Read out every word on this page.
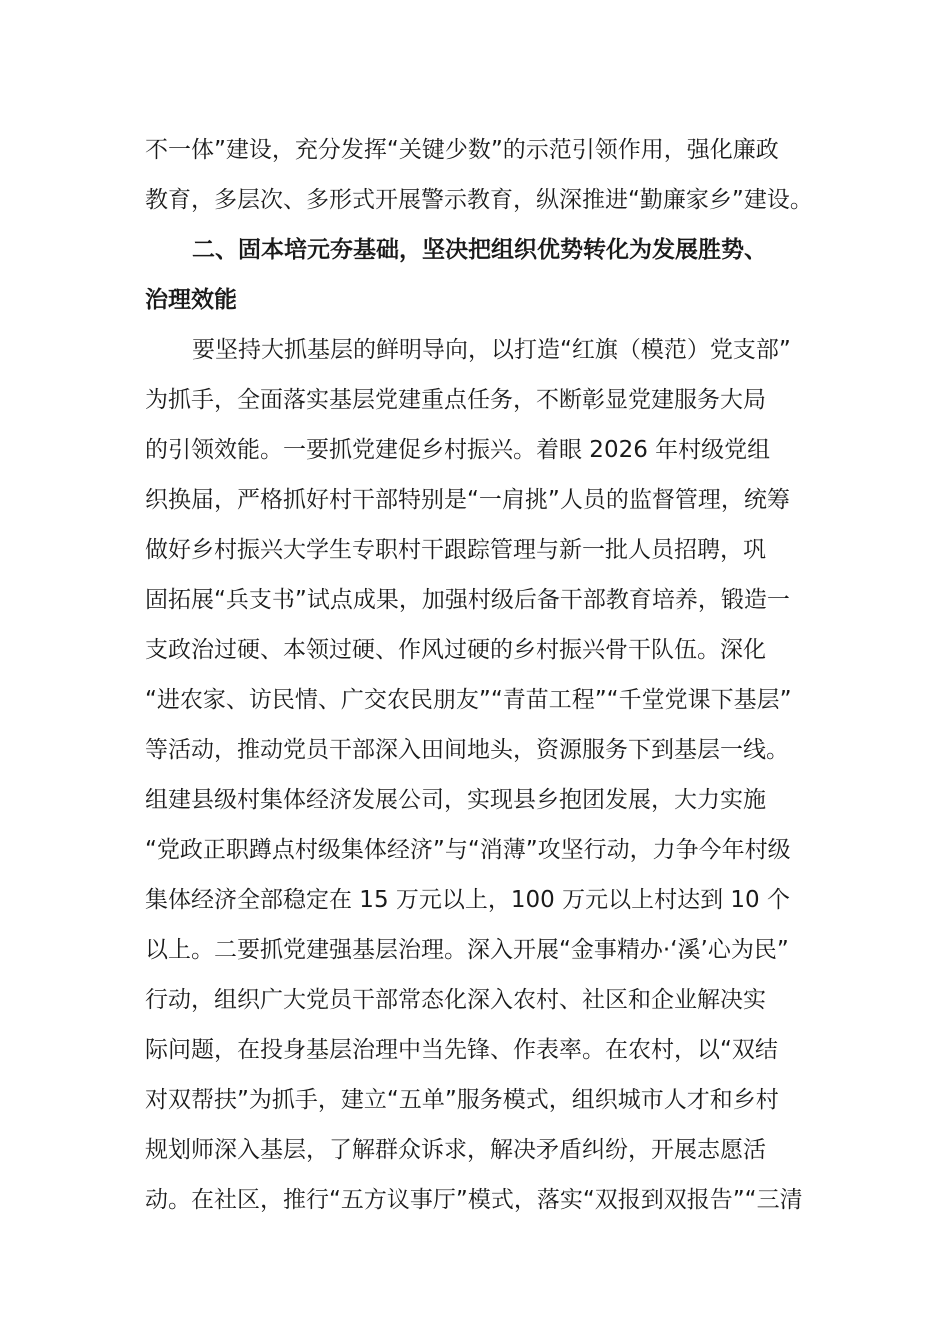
不一体”建设，充分发挥“关键少数”的示范引领作用，强化廉政
教育，多层次、多形式开展警示教育，纵深推进“勤廉家乡”建设。
二、固本培元夯基础，坚决把组织优势转化为发展胜势、
治理效能
要坚持大抓基层的鲜明导向，以打造“红旗（模范）党支部”
为抓手，全面落实基层党建重点任务，不断彰显党建服务大局
的引领效能。一要抓党建促乡村振兴。着眼 2026 年村级党组
织换届，严格抓好村干部特别是“一肩挑”人员的监督管理，统筹
做好乡村振兴大学生专职村干跟踪管理与新一批人员招聘，巩
固拓展“兵支书”试点成果，加强村级后备干部教育培养，锻造一
支政治过硬、本领过硬、作风过硬的乡村振兴骨干队伍。深化
“进农家、访民情、广交农民朋友”“青苗工程”“千堂党课下基层”
等活动，推动党员干部深入田间地头，资源服务下到基层一线。
组建县级村集体经济发展公司，实现县乡抱团发展，大力实施
“党政正职蹲点村级集体经济”与“消薄”攻坚行动，力争今年村级
集体经济全部稳定在 15 万元以上，100 万元以上村达到 10 个
以上。二要抓党建强基层治理。深入开展“金事精办·‘溪’心为民”
行动，组织广大党员干部常态化深入农村、社区和企业解决实
际问题，在投身基层治理中当先锋、作表率。在农村，以“双结
对双帮扶”为抓手，建立“五单”服务模式，组织城市人才和乡村
规划师深入基层，了解群众诉求，解决矛盾纠纷，开展志愿活
动。在社区，推行“五方议事厅”模式，落实“双报到双报告”“三清
